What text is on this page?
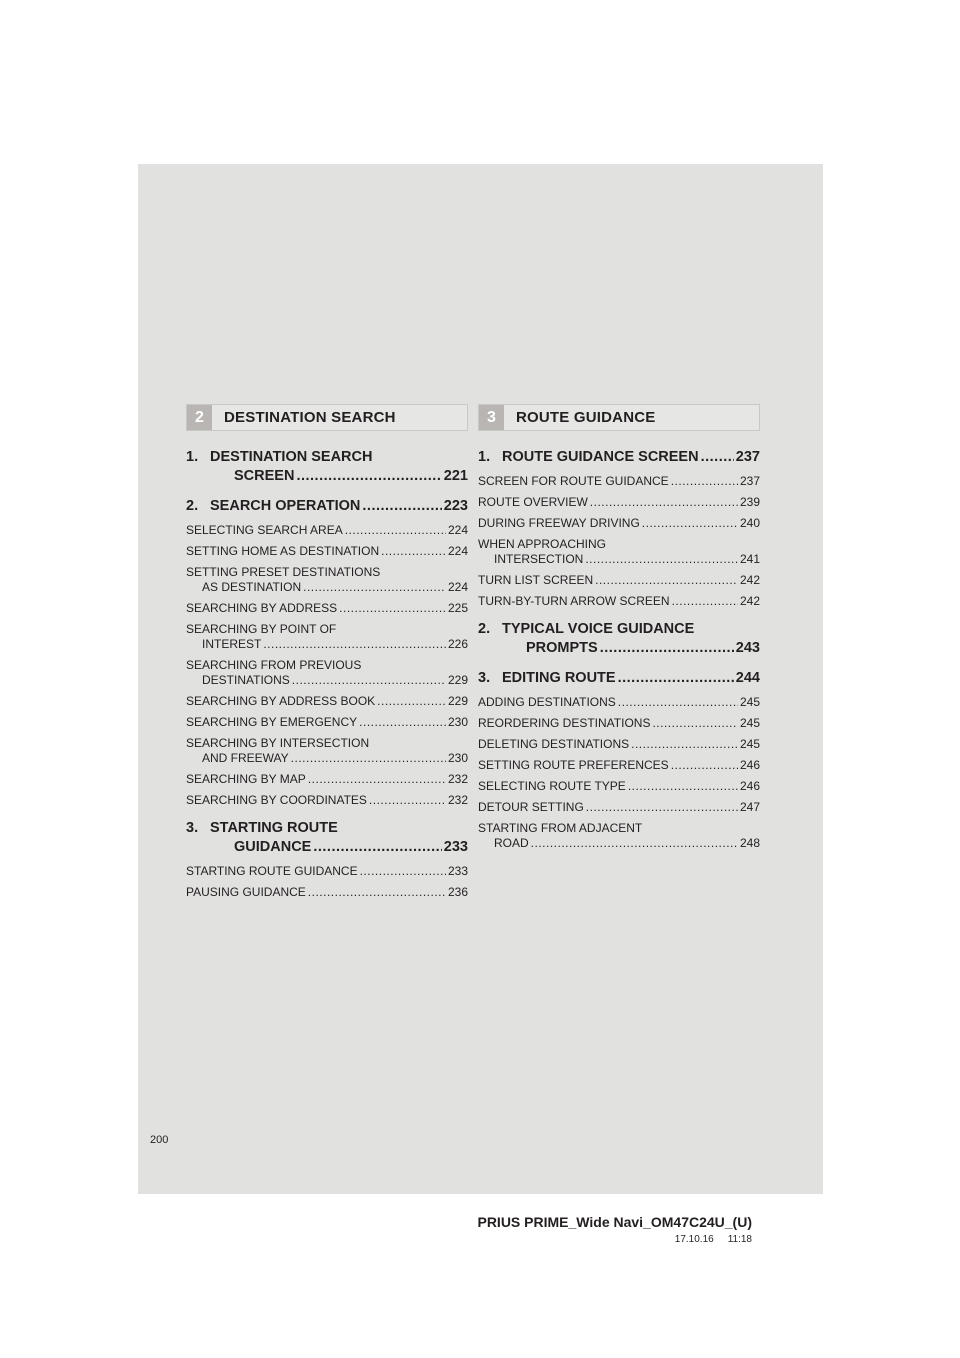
2	DESTINATION SEARCH
1. DESTINATION SEARCH
SCREEN .....	221
2. SEARCH OPERATION .....	223
SELECTING SEARCH AREA .....	224
SETTING HOME AS DESTINATION .....	224
SETTING PRESET DESTINATIONS
AS DESTINATION .....	224
SEARCHING BY ADDRESS .....	225
SEARCHING BY POINT OF
INTEREST .....	226
SEARCHING FROM PREVIOUS
DESTINATIONS .....	229
SEARCHING BY ADDRESS BOOK .....	229
SEARCHING BY EMERGENCY .....	230
SEARCHING BY INTERSECTION
AND FREEWAY .....	230
SEARCHING BY MAP .....	232
SEARCHING BY COORDINATES .....	232
3. STARTING ROUTE
GUIDANCE .....	233
STARTING ROUTE GUIDANCE .....	233
PAUSING GUIDANCE .....	236
3	ROUTE GUIDANCE
1. ROUTE GUIDANCE SCREEN .....	237
SCREEN FOR ROUTE GUIDANCE .....	237
ROUTE OVERVIEW .....	239
DURING FREEWAY DRIVING .....	240
WHEN APPROACHING
INTERSECTION .....	241
TURN LIST SCREEN .....	242
TURN-BY-TURN ARROW SCREEN .....	242
2. TYPICAL VOICE GUIDANCE
PROMPTS .....	243
3. EDITING ROUTE .....	244
ADDING DESTINATIONS .....	245
REORDERING DESTINATIONS .....	245
DELETING DESTINATIONS .....	245
SETTING ROUTE PREFERENCES .....	246
SELECTING ROUTE TYPE .....	246
DETOUR SETTING .....	247
STARTING FROM ADJACENT
ROAD .....	248
200
PRIUS PRIME_Wide Navi_OM47C24U_(U)
17.10.16 11:18
